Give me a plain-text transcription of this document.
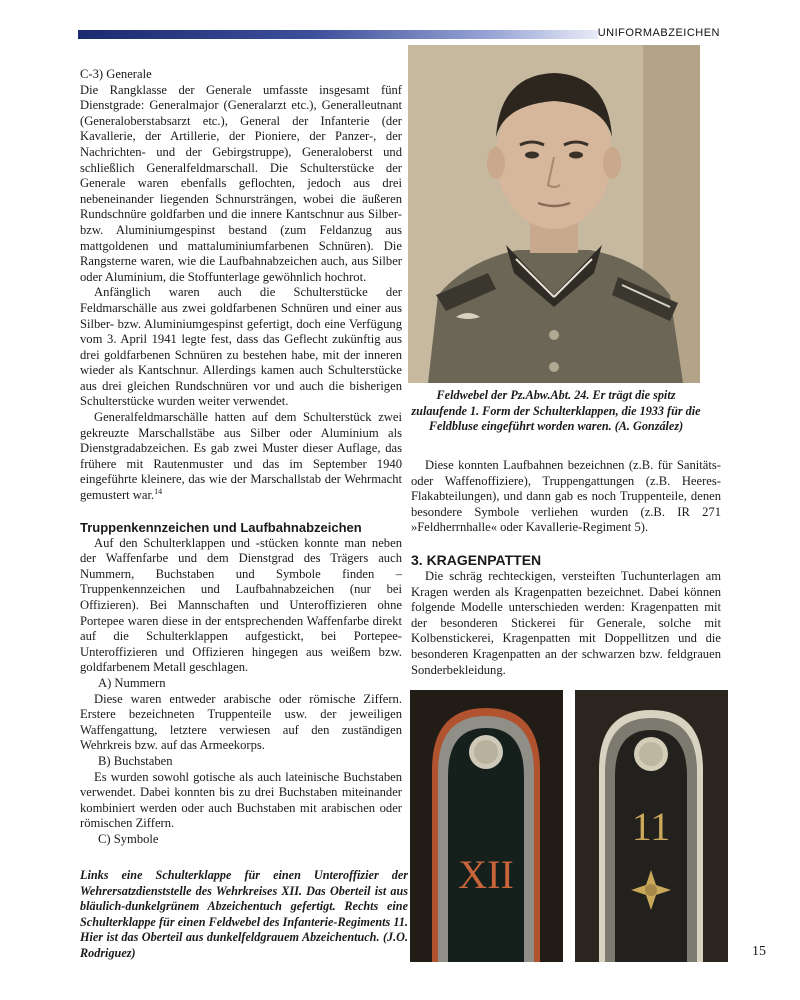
UNIFORMABZEICHEN

C-3) Generale

Die Rangklasse der Generale umfasste insgesamt fünf Dienstgrade: Generalmajor (Generalarzt etc.), Generalleutnant (Generaloberstabsarzt etc.), General der Infanterie (der Kavallerie, der Artillerie, der Pioniere, der Panzer-, der Nachrichten- und der Gebirgstruppe), Generaloberst und schließlich Generalfeldmarschall. Die Schulterstücke der Generale waren ebenfalls geflochten, jedoch aus drei nebeneinander liegenden Schnursträngen, wobei die äußeren Rundschnüre goldfarben und die innere Kantschnur aus Silber- bzw. Aluminiumgespinst bestand (zum Feldanzug aus mattgoldenen und mattaluminiumfarbenen Schnüren). Die Rangsterne waren, wie die Laufbahnabzeichen auch, aus Silber oder Aluminium, die Stoffunterlage gewöhnlich hochrot.

Anfänglich waren auch die Schulterstücke der Feldmarschälle aus zwei goldfarbenen Schnüren und einer aus Silber- bzw. Aluminiumgespinst gefertigt, doch eine Verfügung vom 3. April 1941 legte fest, dass das Geflecht zukünftig aus drei goldfarbenen Schnüren zu bestehen habe, mit der inneren wieder als Kantschnur. Allerdings kamen auch Schulterstücke aus drei gleichen Rundschnüren vor und auch die bisherigen Schulterstücke wurden weiter verwendet.

Generalfeldmarschälle hatten auf dem Schulterstück zwei gekreuzte Marschallstäbe aus Silber oder Aluminium als Dienstgradabzeichen. Es gab zwei Muster dieser Auflage, das frühere mit Rautenmuster und das im September 1940 eingeführte kleinere, das wie der Marschallstab der Wehrmacht gemustert war.$^{14}$

Truppenkennzeichen und Laufbahnabzeichen

Auf den Schulterklappen und -stücken konnte man neben der Waffenfarbe und dem Dienstgrad des Trägers auch Nummern, Buchstaben und Symbole finden – Truppenkennzeichen und Laufbahnabzeichen (nur bei Offizieren). Bei Mannschaften und Unteroffizieren ohne Portepee waren diese in der entsprechenden Waffenfarbe direkt auf die Schulterklappen aufgestickt, bei Portepee-Unteroffizieren und Offizieren hingegen aus weißem bzw. goldfarbenem Metall geschlagen.

A) Nummern

Diese waren entweder arabische oder römische Ziffern. Erstere bezeichneten Truppenteile usw. der jeweiligen Waffengattung, letztere verwiesen auf den zuständigen Wehrkreis bzw. auf das Armeekorps.

B) Buchstaben

Es wurden sowohl gotische als auch lateinische Buchstaben verwendet. Dabei konnten bis zu drei Buchstaben miteinander kombiniert werden oder auch Buchstaben mit arabischen oder römischen Ziffern.

C) Symbole

Feldwebel der Pz.Abw.Abt. 24. Er trägt die spitz zulaufende 1. Form der Schulterklappen, die 1933 für die Feldbluse eingeführt worden waren. (A. González)

Diese konnten Laufbahnen bezeichnen (z.B. für Sanitäts- oder Waffenoffiziere), Truppengattungen (z.B. Heeres-Flakabteilungen), und dann gab es noch Truppenteile, denen besondere Symbole verliehen wurden (z.B. IR 271 »Feldherrnhalle« oder Kavallerie-Regiment 5).

3. KRAGENPATTEN

Die schräg rechteckigen, versteiften Tuchunterlagen am Kragen werden als Kragenpatten bezeichnet. Dabei können folgende Modelle unterschieden werden: Kragenpatten mit der besonderen Stickerei für Generale, solche mit Kolbenstickerei, Kragenpatten mit Doppellitzen und die besonderen Kragenpatten an der schwarzen bzw. feldgrauen Sonderbekleidung.

XII
11
Links eine Schulterklappe für einen Unteroffizier der Wehrersatzdienststelle des Wehrkreises XII. Das Oberteil ist aus bläulich-dunkelgrünem Abzeichentuch gefertigt. Rechts eine Schulterklappe für einen Feldwebel des Infanterie-Regiments 11. Hier ist das Oberteil aus dunkelfeldgrauem Abzeichentuch. (J.O. Rodriguez)	15
